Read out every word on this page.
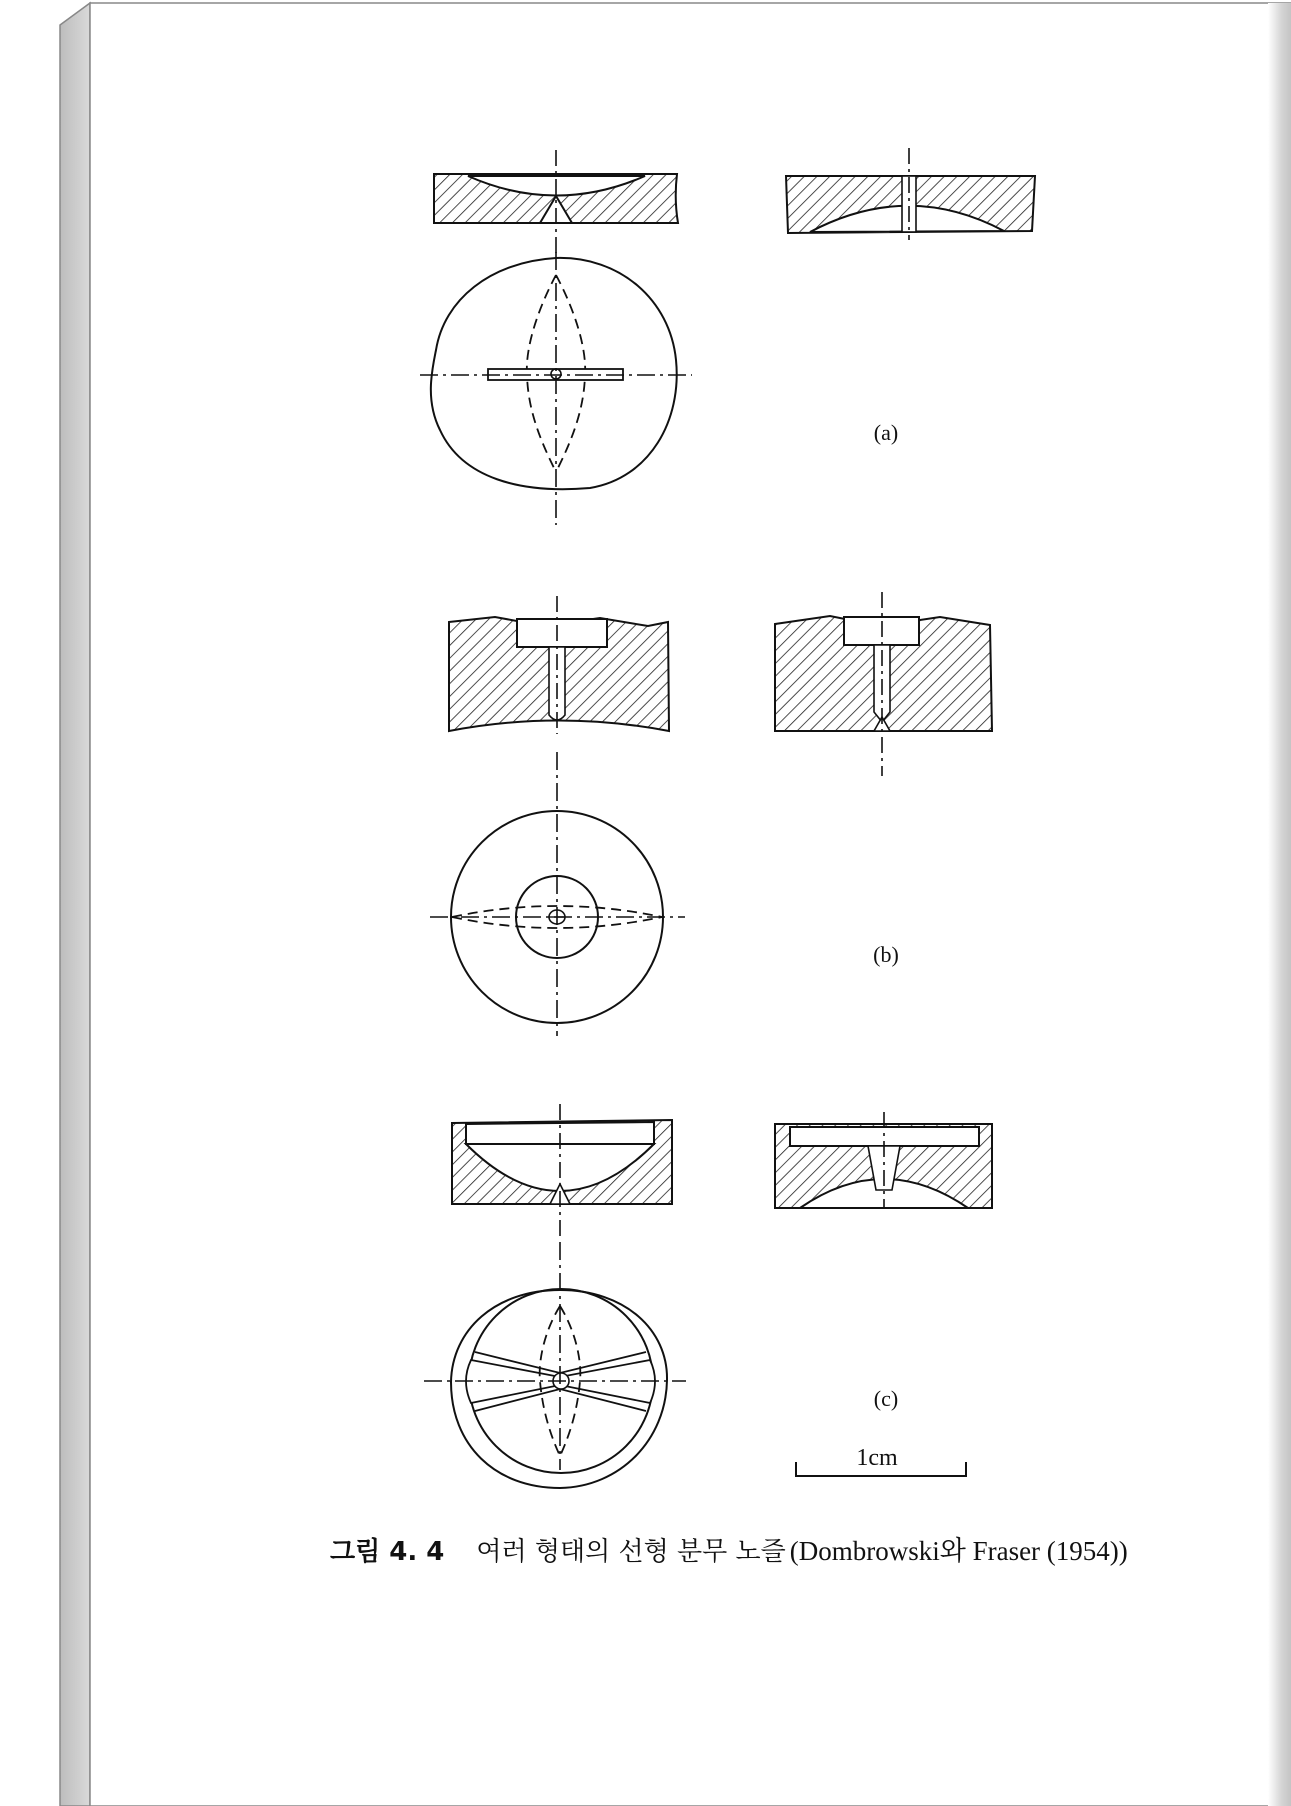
(a)
(b)
(c)
1cm
그림 4. 4 여러 형태의 선형 분무 노즐 (Dombrowski와 Fraser (1954))
